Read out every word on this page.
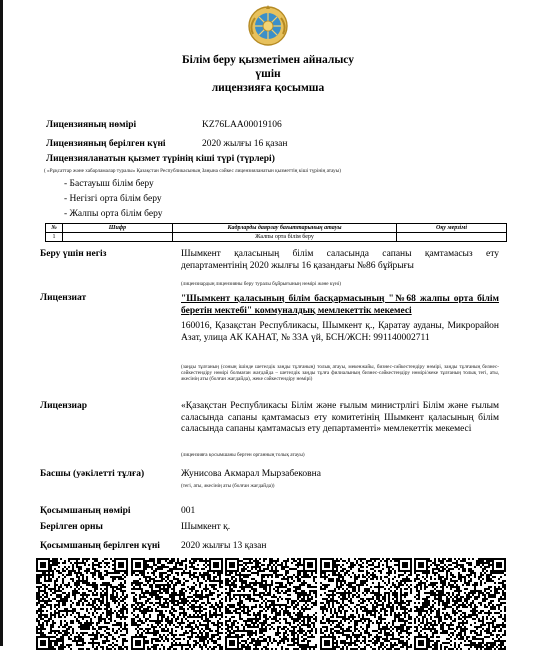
Білім беру қызметімен айналысу
үшін
лицензияға қосымша
Лицензияның нөмірі	KZ76LAA00019106
Лицензияның берілген күні	2020 жылғы 16 қазан
Лицензияланатын қызмет түрінің кіші түрі (түрлері)
( «Рұқсаттар және хабарламалар туралы» Қазақстан Республикасының Заңына сәйкес лицензияланатын қызметтің кіші түрінің атауы)
- Бастауыш білім беру
- Негізгі орта білім беру
- Жалпы орта білім беру
№	Шифр	Кадрларды даярлау бағыттарының атауы	Оқу мерзімі
1		Жалпы орта білім беру	
Беру үшін негіз	Шымкент қаласының білім саласында сапаны қамтамасыз ету департаментінің 2020 жылғы 16 қазандағы №86 бұйрығы
(лицензиардың лицензияны беру туралы бұйрығының нөмірі және күні)
Лицензиат	"Шымкент қаласының білім басқармасының "№68 жалпы орта білім беретін мектебі" коммуналдық мемлекеттік мекемесі
160016, Қазақстан Республикасы, Шымкент қ., Қаратау ауданы, Микрорайон Азат, улица АК КАНАТ, № 33А үй, БСН/ЖСН: 991140002711
(заңды тұлғаның (соның ішінде шетелдік заңды тұлғаның) толық атауы, мекенжайы, бизнес-сәйкестендіру нөмірі, заңды тұлғаның бизнес-сәйкестендіру нөмірі болмаған жағдайда – шетелдік заңды тұлға филиалының бизнес-сәйкестендіру нөмірі/жеке тұлғаның толық тегі, аты, әкесінің аты (болған жағдайда), жеке сәйкестендіру нөмірі)
Лицензиар	«Қазақстан Республикасы Білім және ғылым министрлігі Білім және ғылым саласында сапаны қамтамасыз ету комитетінің Шымкент қаласының білім саласында сапаны қамтамасыз ету департаменті» мемлекеттік мекемесі
(лицензияға қосымшаны берген органның толық атауы)
Басшы (уәкілетті тұлға)	Жунисова Акмарал Мырзабековна
(тегі, аты, әкесінің аты (болған жағдайда))
Қосымшаның нөмірі	001
Берілген орны	Шымкент қ.
Қосымшаның берілген күні 2020 жылғы 13 қазан
